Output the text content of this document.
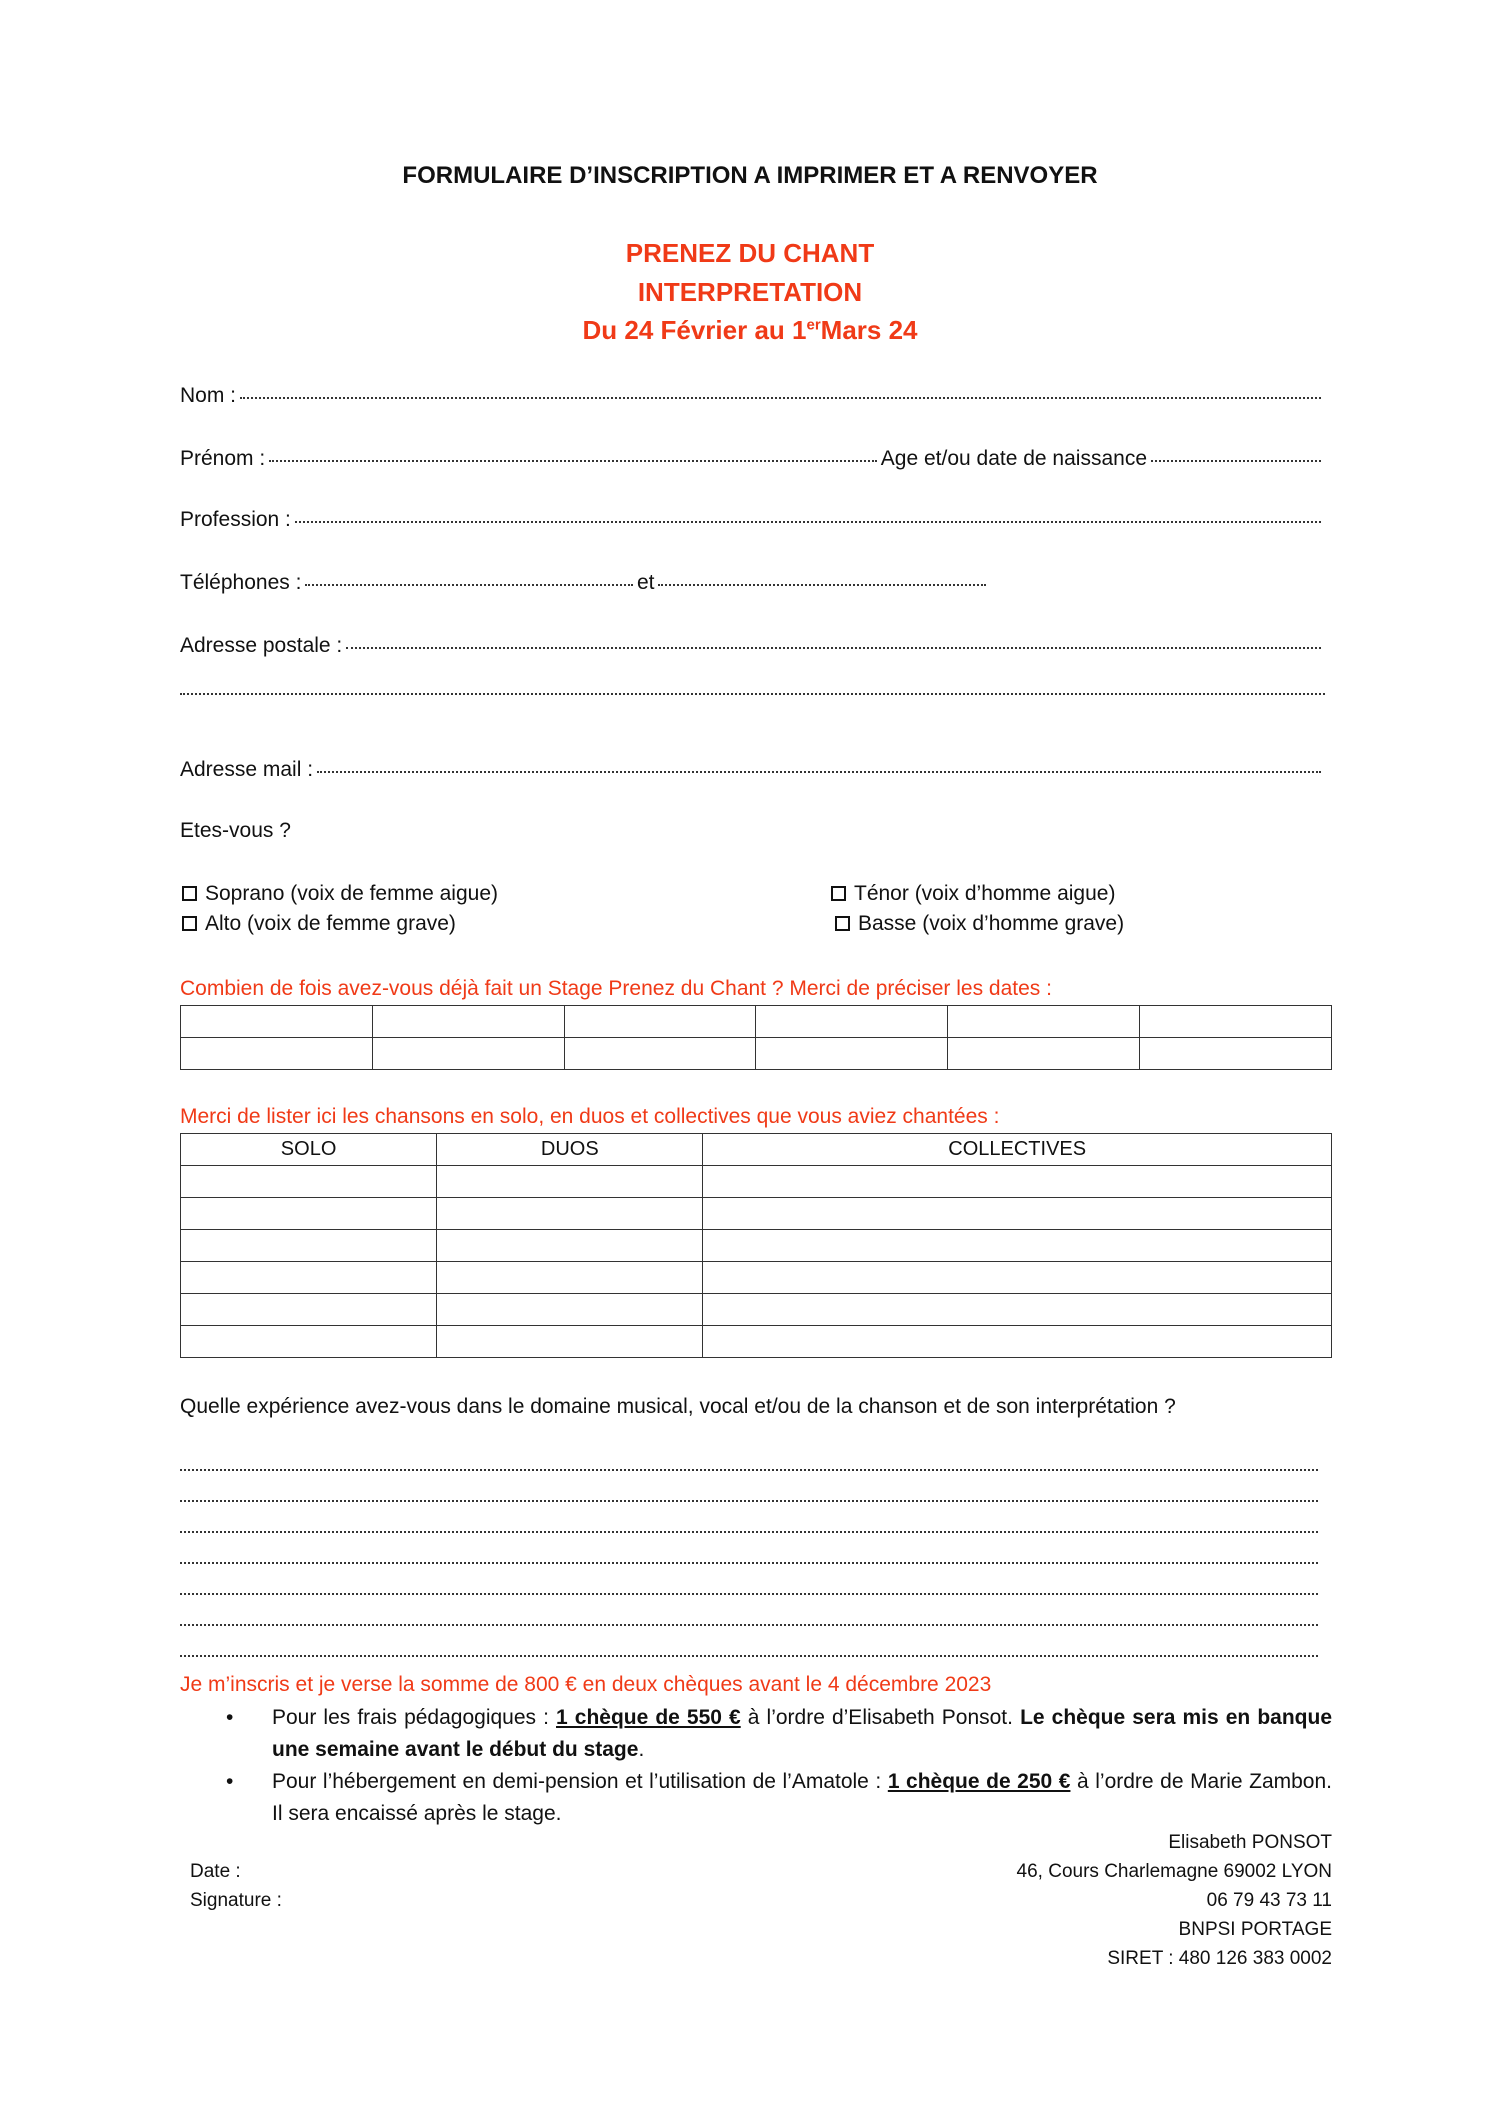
FORMULAIRE D’INSCRIPTION A IMPRIMER ET A RENVOYER
PRENEZ DU CHANT
INTERPRETATION
Du 24 Février au 1erMars 24
Nom :
Prénom :	Age et/ou date de naissance
Profession :
Téléphones :	et
Adresse postale :
Adresse mail :
Etes-vous ?
Soprano (voix de femme aigue)
Alto (voix de femme grave)
Ténor (voix d’homme aigue)
Basse (voix d’homme grave)
Combien de fois avez-vous déjà fait un Stage Prenez du Chant ? Merci de préciser les dates :

Merci de lister ici les chansons en solo, en duos et collectives que vous aviez chantées :
SOLO	DUOS	COLLECTIVES

Quelle expérience avez-vous dans le domaine musical, vocal et/ou de la chanson et de son interprétation ?
Je m’inscris et je verse la somme de 800 € en deux chèques avant le 4 décembre 2023
• Pour les frais pédagogiques : 1 chèque de 550 € à l’ordre d’Elisabeth Ponsot. Le chèque sera mis en banque une semaine avant le début du stage.
• Pour l’hébergement en demi-pension et l’utilisation de l’Amatole : 1 chèque de 250 € à l’ordre de Marie Zambon. Il sera encaissé après le stage.
Date :
Signature :
Elisabeth PONSOT
46, Cours Charlemagne 69002 LYON
06 79 43 73 11
BNPSI PORTAGE
SIRET : 480 126 383 0002
